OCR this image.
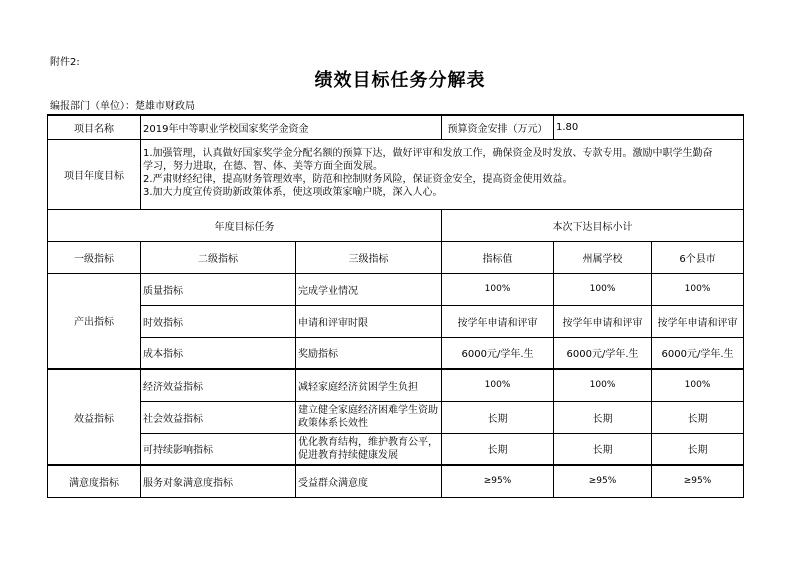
附件2:
绩效目标任务分解表
编报部门（单位）：楚雄市财政局
项目名称	2019年中等职业学校国家奖学金资金		预算资金安排（万元）	1.80	
项目年度目标	1.加强管理，认真做好国家奖学金分配名额的预算下达，做好评审和发放工作，确保资金及时发放、专款专用。激励中职学生勤奋
学习，努力进取，在德、智、体、美等方面全面发展。
2.严肃财经纪律，提高财务管理效率，防范和控制财务风险，保证资金安全，提高资金使用效益。
3.加大力度宣传资助新政策体系，使这项政策家喻户晓，深入人心。				

年度目标任务			本次下达目标小计		
一级指标	二级指标	三级指标	指标值	州属学校	6个县市
产出指标	质量指标	完成学业情况	100%	100%	100%
	时效指标	申请和评审时限	按学年申请和评审	按学年申请和评审	按学年申请和评审
	成本指标	奖励指标	6000元/学年.生	6000元/学年.生	6000元/学年.生
效益指标	经济效益指标	减轻家庭经济贫困学生负担	100%	100%	100%
	社会效益指标	建立健全家庭经济困难学生资助政策体系长效性	长期	长期	长期
	可持续影响指标	优化教育结构，维护教育公平，促进教育持续健康发展	长期	长期	长期
满意度指标	服务对象满意度指标	受益群众满意度	≥95%	≥95%	≥95%
